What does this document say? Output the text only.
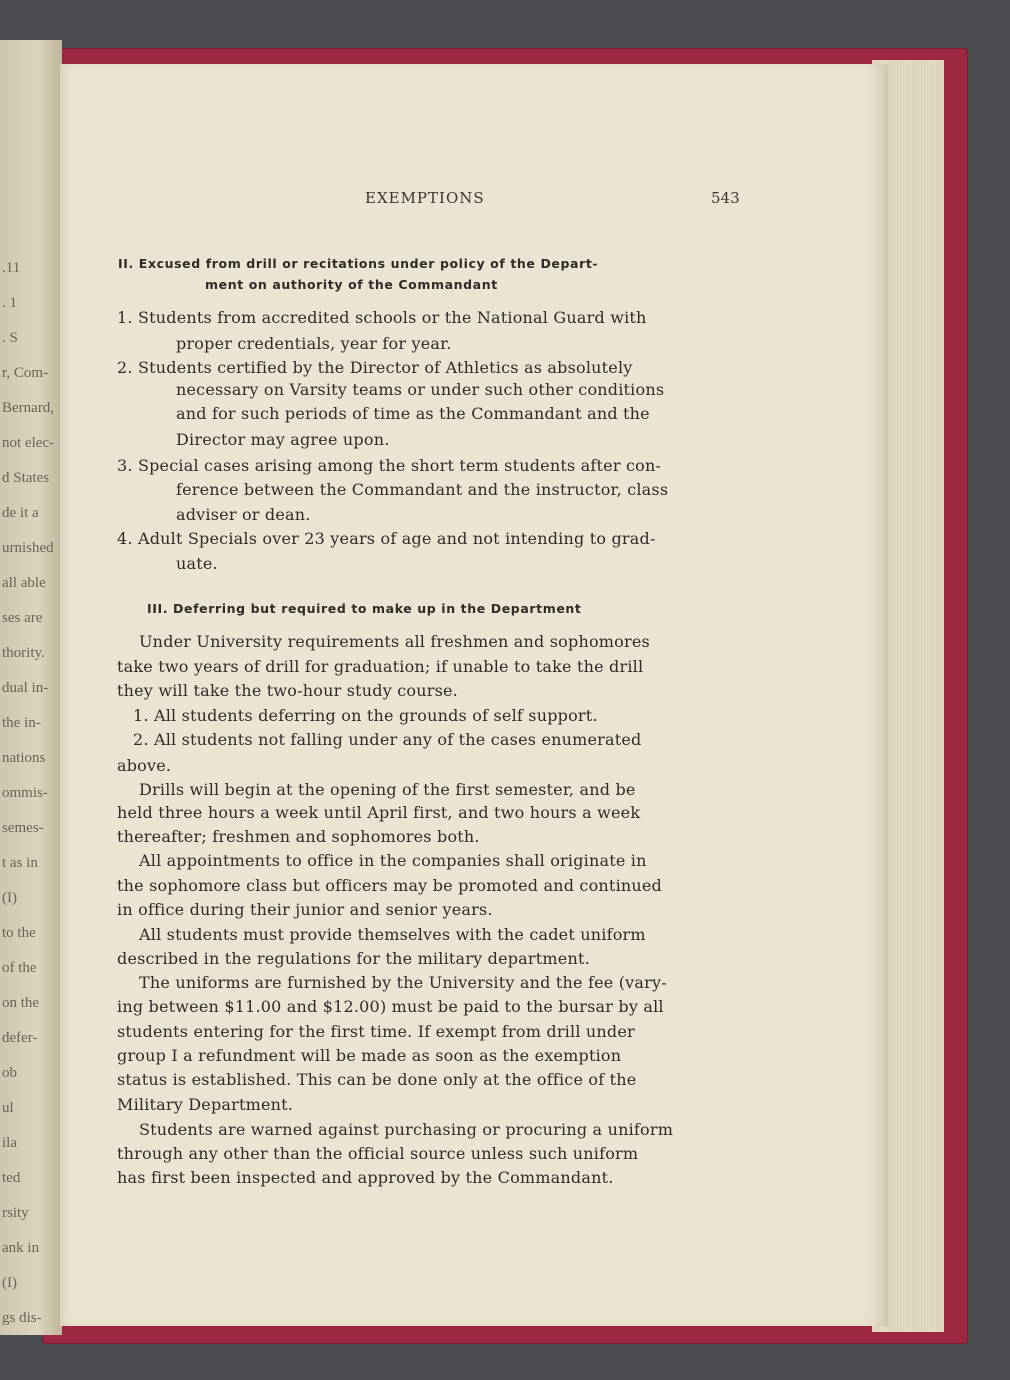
.11
. 1
. S
r, Com-
Bernard,
not elec-
d States
de it a
urnished
all able
ses are
thority.
dual in-
the in-
nations
ommis-
semes-
t as in
(I)
to the
of the
on the
defer-
ob
ul
ila
ted
rsity
ank in
(I)
gs dis-
EXEMPTIONS	543
II. Excused from drill or recitations under policy of the Depart-
ment on authority of the Commandant
1. Students from accredited schools or the National Guard with
proper credentials, year for year.
2. Students certified by the Director of Athletics as absolutely
necessary on Varsity teams or under such other conditions
and for such periods of time as the Commandant and the
Director may agree upon.
3. Special cases arising among the short term students after con-
ference between the Commandant and the instructor, class
adviser or dean.
4. Adult Specials over 23 years of age and not intending to grad-
uate.
III. Deferring but required to make up in the Department
Under University requirements all freshmen and sophomores
take two years of drill for graduation; if unable to take the drill
they will take the two-hour study course.
1. All students deferring on the grounds of self support.
2. All students not falling under any of the cases enumerated
above.
Drills will begin at the opening of the first semester, and be
held three hours a week until April first, and two hours a week
thereafter; freshmen and sophomores both.
All appointments to office in the companies shall originate in
the sophomore class but officers may be promoted and continued
in office during their junior and senior years.
All students must provide themselves with the cadet uniform
described in the regulations for the military department.
The uniforms are furnished by the University and the fee (vary-
ing between $11.00 and $12.00) must be paid to the bursar by all
students entering for the first time. If exempt from drill under
group I a refundment will be made as soon as the exemption
status is established. This can be done only at the office of the
Military Department.
Students are warned against purchasing or procuring a uniform
through any other than the official source unless such uniform
has first been inspected and approved by the Commandant.
